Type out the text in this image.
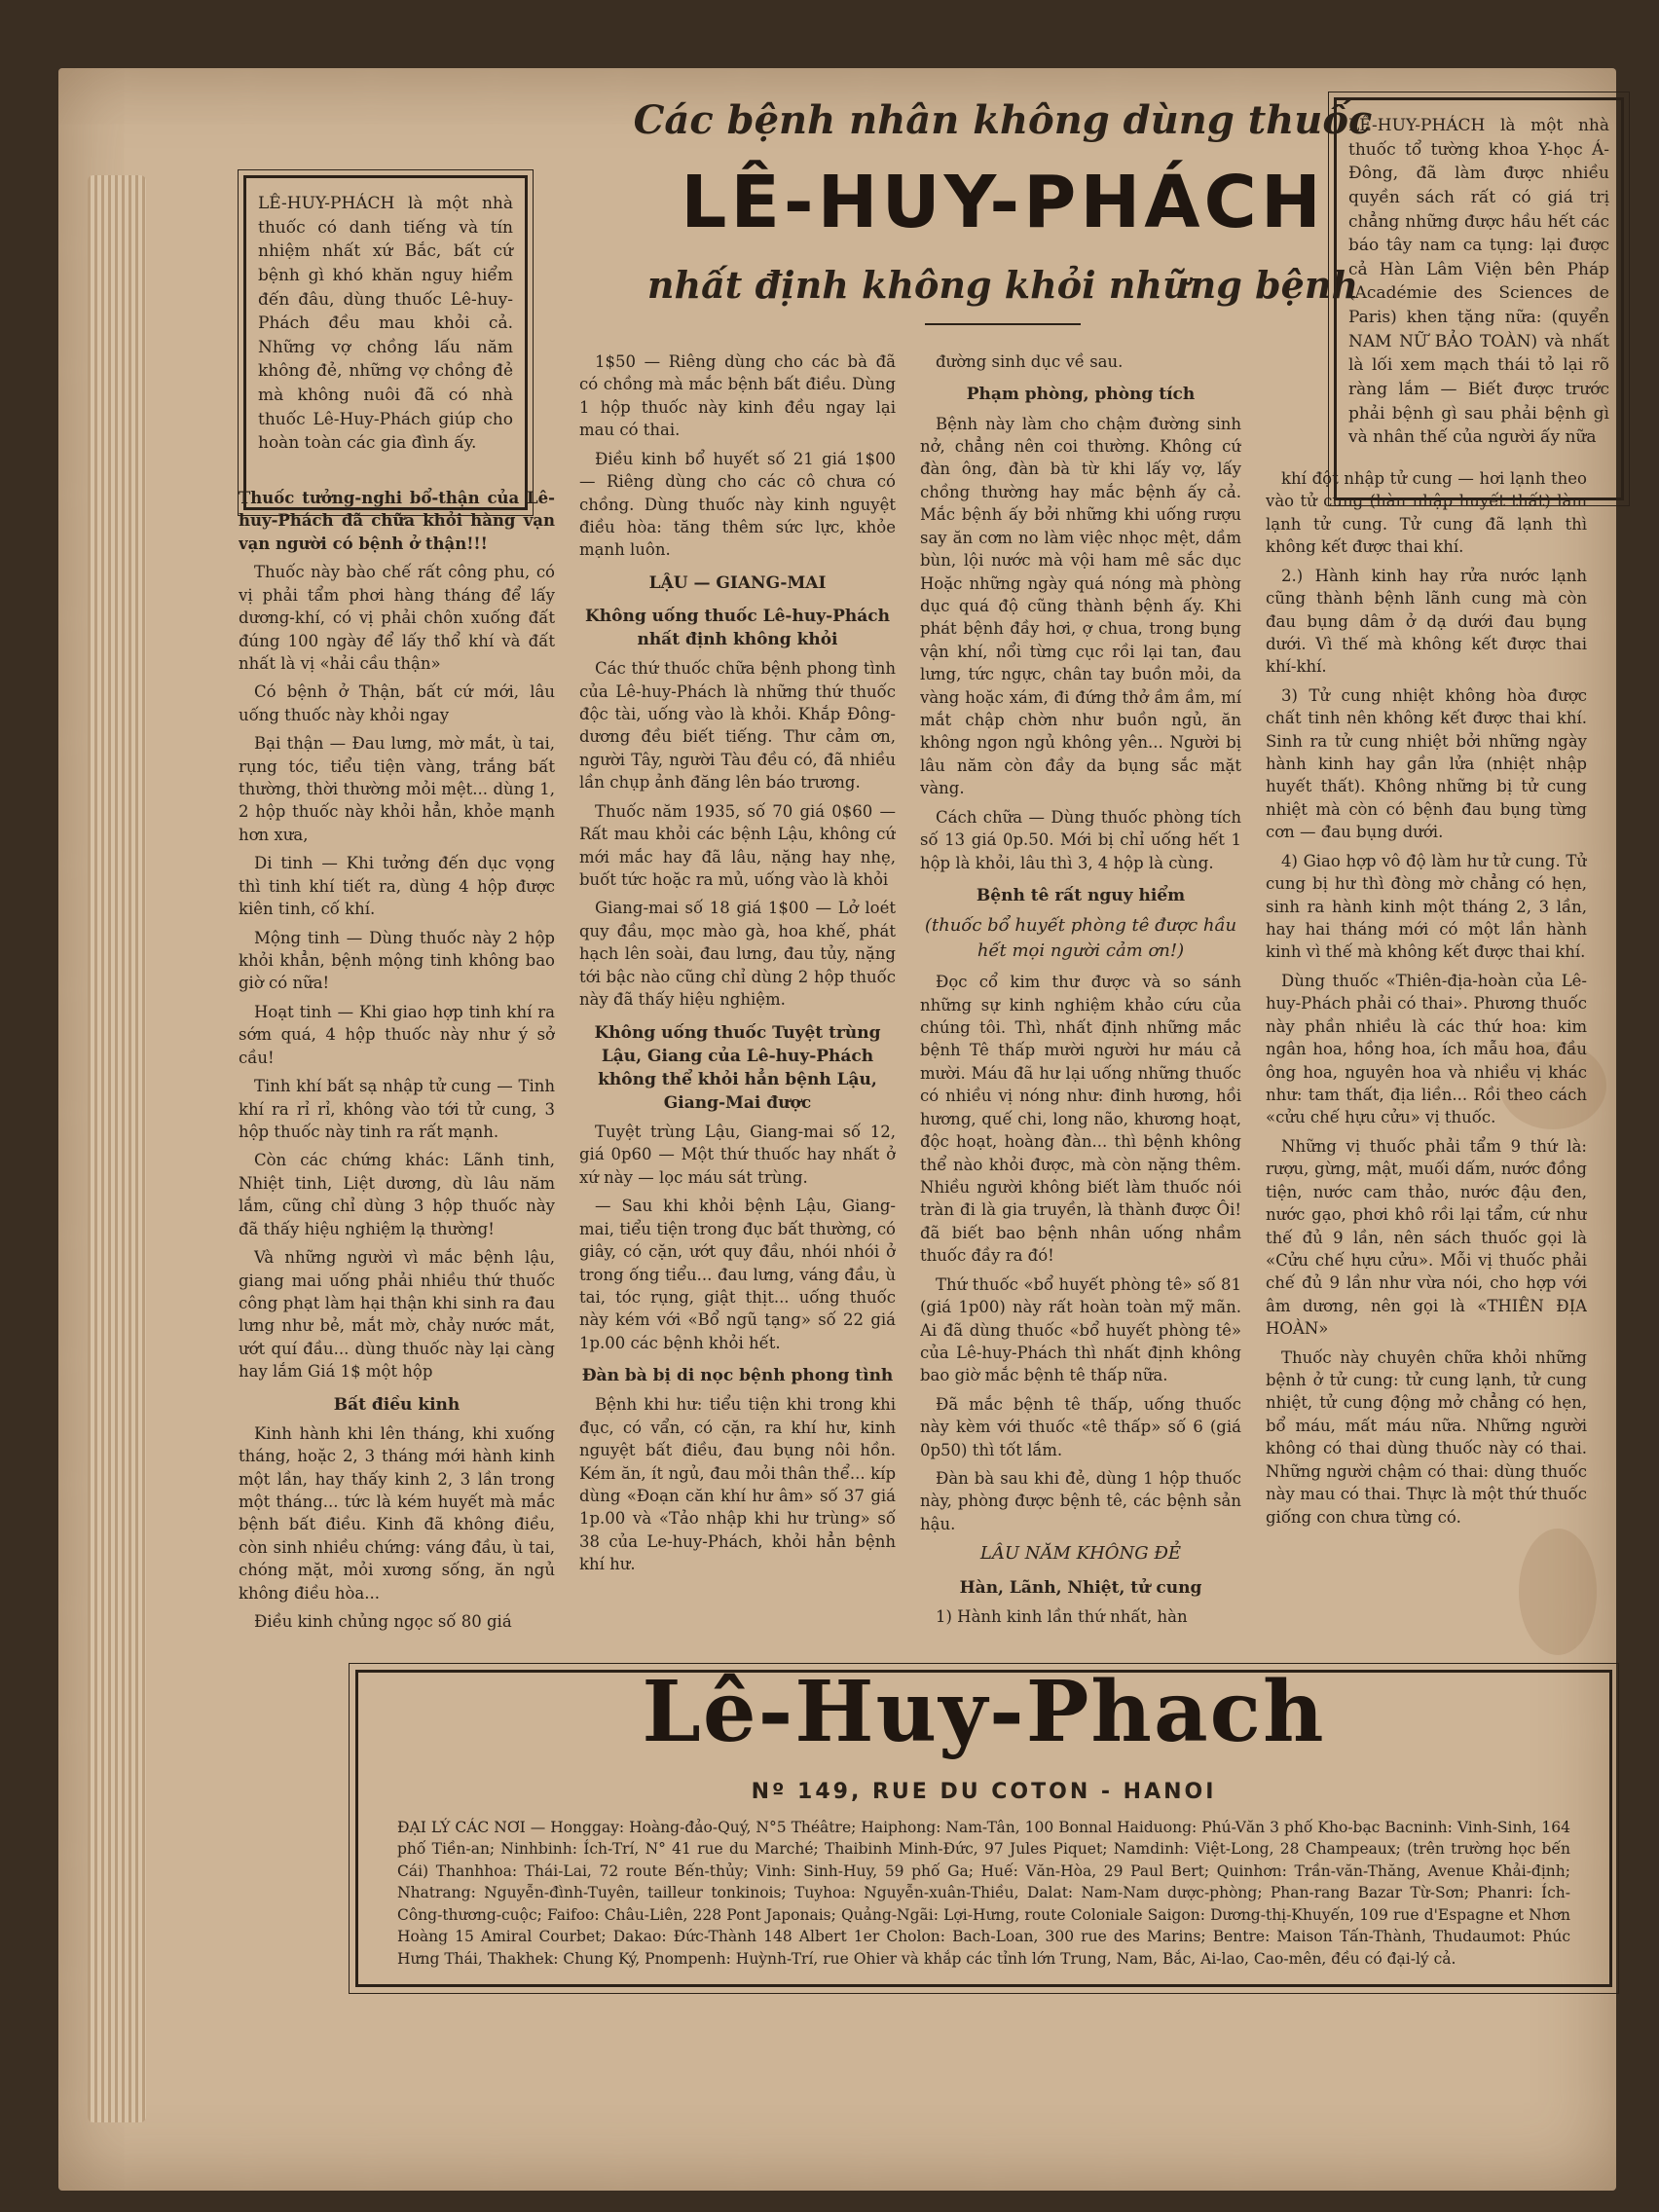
LÊ-HUY-PHÁCH là một nhà thuốc có danh tiếng và tín nhiệm nhất xứ Bắc, bất cứ bệnh gì khó khăn nguy hiểm đến đâu, dùng thuốc Lê-huy-Phách đều mau khỏi cả. Những vợ chồng lấu năm không đẻ, những vợ chồng đẻ mà không nuôi đã có nhà thuốc Lê-Huy-Phách giúp cho hoàn toàn các gia đình ấy.
LÊ-HUY-PHÁCH là một nhà thuốc tổ tường khoa Y-học Á-Đông, đã làm được nhiều quyền sách rất có giá trị chẳng những được hầu hết các báo tây nam ca tụng: lại được cả Hàn Lâm Viện bên Pháp (Académie des Sciences de Paris) khen tặng nữa: (quyển NAM NỮ BẢO TOÀN) và nhất là lối xem mạch thái tỏ lại rõ ràng lắm — Biết được trước phải bệnh gì sau phải bệnh gì và nhân thế của người ấy nữa
Các bệnh nhân không dùng thuốc
LÊ-HUY-PHÁCH
nhất định không khỏi những bệnh

Thuốc tưởng-nghi bổ-thận của Lê-huy-Phách đã chữa khỏi hàng vạn vạn người có bệnh ở thận!!!

Thuốc này bào chế rất công phu, có vị phải tẩm phơi hàng tháng để lấy dương-khí, có vị phải chôn xuống đất đúng 100 ngày để lấy thổ khí và đất nhất là vị «hải cầu thận»

Có bệnh ở Thận, bất cứ mới, lâu uống thuốc này khỏi ngay

Bại thận — Đau lưng, mờ mắt, ù tai, rụng tóc, tiểu tiện vàng, trắng bất thường, thời thường mỏi mệt... dùng 1, 2 hộp thuốc này khỏi hẳn, khỏe mạnh hơn xưa,

Di tinh — Khi tưởng đến dục vọng thì tinh khí tiết ra, dùng 4 hộp được kiên tinh, cố khí.

Mộng tinh — Dùng thuốc này 2 hộp khỏi khẳn, bệnh mộng tinh không bao giờ có nữa!

Hoạt tinh — Khi giao hợp tinh khí ra sớm quá, 4 hộp thuốc này như ý sở cầu!

Tinh khí bất sạ nhập tử cung — Tinh khí ra rỉ rỉ, không vào tới tử cung, 3 hộp thuốc này tinh ra rất mạnh.

Còn các chứng khác: Lãnh tinh, Nhiệt tinh, Liệt dương, dù lâu năm lắm, cũng chỉ dùng 3 hộp thuốc này đã thấy hiệu nghiệm lạ thường!

Và những người vì mắc bệnh lậu, giang mai uống phải nhiều thứ thuốc công phạt làm hại thận khi sinh ra đau lưng như bẻ, mắt mờ, chảy nước mắt, ướt quí đầu... dùng thuốc này lại càng hay lắm Giá 1$ một hộp

Bất điều kinh

Kinh hành khi lên tháng, khi xuống tháng, hoặc 2, 3 tháng mới hành kinh một lần, hay thấy kinh 2, 3 lần trong một tháng... tức là kém huyết mà mắc bệnh bất điều. Kinh đã không điều, còn sinh nhiều chứng: váng đầu, ù tai, chóng mặt, mỏi xương sống, ăn ngủ không điều hòa...

Điều kinh chủng ngọc số 80 giá

1$50 — Riêng dùng cho các bà đã có chồng mà mắc bệnh bất điều. Dùng 1 hộp thuốc này kinh đều ngay lại mau có thai.

Điều kinh bổ huyết số 21 giá 1$00 — Riêng dùng cho các cô chưa có chồng. Dùng thuốc này kinh nguyệt điều hòa: tăng thêm sức lực, khỏe mạnh luôn.

LẬU — GIANG-MAI
Không uống thuốc Lê-huy-Phách nhất định không khỏi

Các thứ thuốc chữa bệnh phong tình của Lê-huy-Phách là những thứ thuốc độc tài, uống vào là khỏi. Khắp Đông-dương đều biết tiếng. Thư cảm ơn, người Tây, người Tàu đều có, đã nhiều lần chụp ảnh đăng lên báo trương.

Thuốc năm 1935, số 70 giá 0$60 — Rất mau khỏi các bệnh Lậu, không cứ mới mắc hay đã lâu, nặng hay nhẹ, buốt tức hoặc ra mủ, uống vào là khỏi

Giang-mai số 18 giá 1$00 — Lở loét quy đầu, mọc mào gà, hoa khế, phát hạch lên soài, đau lưng, đau tủy, nặng tới bậc nào cũng chỉ dùng 2 hộp thuốc này đã thấy hiệu nghiệm.

Không uống thuốc Tuyệt trùng Lậu, Giang của Lê-huy-Phách không thể khỏi hẳn bệnh Lậu, Giang-Mai được

Tuyệt trùng Lậu, Giang-mai số 12, giá 0p60 — Một thứ thuốc hay nhất ở xứ này — lọc máu sát trùng.

— Sau khi khỏi bệnh Lậu, Giang-mai, tiểu tiện trong đục bất thường, có giây, có cặn, ướt quy đầu, nhói nhói ở trong ống tiểu... đau lưng, váng đầu, ù tai, tóc rụng, giật thịt... uống thuốc này kém với «Bổ ngũ tạng» số 22 giá 1p.00 các bệnh khỏi hết.

Đàn bà bị di nọc bệnh phong tình

Bệnh khi hư: tiểu tiện khi trong khi đục, có vẩn, có cặn, ra khí hư, kinh nguyệt bất điều, đau bụng nôi hồn. Kém ăn, ít ngủ, đau mỏi thân thể... kíp dùng «Đoạn căn khí hư âm» số 37 giá 1p.00 và «Tảo nhập khi hư trùng» số 38 của Le-huy-Phách, khỏi hẳn bệnh khí hư.

đường sinh dục về sau.

Phạm phòng, phòng tích

Bệnh này làm cho chậm đường sinh nở, chẳng nên coi thường. Không cứ đàn ông, đàn bà từ khi lấy vợ, lấy chồng thường hay mắc bệnh ấy cả. Mắc bệnh ấy bởi những khi uống rượu say ăn cơm no làm việc nhọc mệt, dầm bùn, lội nước mà vội ham mê sắc dục Hoặc những ngày quá nóng mà phòng dục quá độ cũng thành bệnh ấy. Khi phát bệnh đầy hơi, ợ chua, trong bụng vận khí, nổi từng cục rồi lại tan, đau lưng, tức ngực, chân tay buồn mỏi, da vàng hoặc xám, đi đứng thở ầm ầm, mí mắt chập chờn như buồn ngủ, ăn không ngon ngủ không yên... Người bị lâu năm còn đầy da bụng sắc mặt vàng.

Cách chữa — Dùng thuốc phòng tích số 13 giá 0p.50. Mới bị chỉ uống hết 1 hộp là khỏi, lâu thì 3, 4 hộp là cùng.

Bệnh tê rất nguy hiểm
(thuốc bổ huyết phòng tê được hầu hết mọi người cảm ơn!)

Đọc cổ kim thư được và so sánh những sự kinh nghiệm khảo cứu của chúng tôi. Thì, nhất định những mắc bệnh Tê thấp mười người hư máu cả mười. Máu đã hư lại uống những thuốc có nhiều vị nóng như: đinh hương, hồi hương, quế chi, long não, khương hoạt, độc hoạt, hoàng đàn... thì bệnh không thể nào khỏi được, mà còn nặng thêm. Nhiều người không biết làm thuốc nói tràn đi là gia truyền, là thành được Ôi! đã biết bao bệnh nhân uống nhầm thuốc đầy ra đó!

Thứ thuốc «bổ huyết phòng tê» số 81 (giá 1p00) này rất hoàn toàn mỹ mãn. Ai đã dùng thuốc «bổ huyết phòng tê» của Lê-huy-Phách thì nhất định không bao giờ mắc bệnh tê thấp nữa.

Đã mắc bệnh tê thấp, uống thuốc này kèm với thuốc «tê thấp» số 6 (giá 0p50) thì tốt lắm.

Đàn bà sau khi đẻ, dùng 1 hộp thuốc này, phòng được bệnh tê, các bệnh sản hậu.

LÂU NĂM KHÔNG ĐẺ
Hàn, Lãnh, Nhiệt, tử cung

1) Hành kinh lần thứ nhất, hàn

khí đột nhập tử cung — hơi lạnh theo vào tử cung (hàn nhập huyết thất) làm lạnh tử cung. Tử cung đã lạnh thì không kết được thai khí.

2.) Hành kinh hay rửa nước lạnh cũng thành bệnh lãnh cung mà còn đau bụng dâm ở dạ dưới đau bụng dưới. Vì thế mà không kết được thai khí-khí.

3) Tử cung nhiệt không hòa được chất tinh nên không kết được thai khí. Sinh ra tử cung nhiệt bởi những ngày hành kinh hay gần lửa (nhiệt nhập huyết thất). Không những bị tử cung nhiệt mà còn có bệnh đau bụng từng cơn — đau bụng dưới.

4) Giao hợp vô độ làm hư tử cung. Tử cung bị hư thì đòng mờ chẳng có hẹn, sinh ra hành kinh một tháng 2, 3 lần, hay hai tháng mới có một lần hành kinh vì thế mà không kết được thai khí.

Dùng thuốc «Thiên-địa-hoàn của Lê-huy-Phách phải có thai». Phương thuốc này phần nhiều là các thứ hoa: kim ngân hoa, hồng hoa, ích mẫu hoa, đầu ông hoa, nguyên hoa và nhiều vị khác như: tam thất, địa liền... Rồi theo cách «cửu chế hựu cửu» vị thuốc.

Những vị thuốc phải tẩm 9 thứ là: rượu, gừng, mật, muối dấm, nước đồng tiện, nước cam thảo, nước đậu đen, nước gạo, phơi khô rồi lại tẩm, cứ như thế đủ 9 lần, nên sách thuốc gọi là «Cửu chế hựu cửu». Mỗi vị thuốc phải chế đủ 9 lần như vừa nói, cho hợp với âm dương, nên gọi là «THIÊN ĐỊA HOÀN»

Thuốc này chuyên chữa khỏi những bệnh ở tử cung: tử cung lạnh, tử cung nhiệt, tử cung động mở chẳng có hẹn, bổ máu, mất máu nữa. Những người không có thai dùng thuốc này có thai. Những người chậm có thai: dùng thuốc này mau có thai. Thực là một thứ thuốc giống con chưa từng có.

Lê-Huy-Phach
Nº 149, RUE DU COTON - HANOI
ĐẠI LÝ CÁC NƠI — Honggay: Hoàng-đảo-Quý, N°5 Théâtre; Haiphong: Nam-Tân, 100 Bonnal Haiduong: Phú-Văn 3 phố Kho-bạc Bacninh: Vinh-Sinh, 164 phố Tiền-an; Ninhbinh: Ích-Trí, N° 41 rue du Marché; Thaibinh Minh-Đức, 97 Jules Piquet; Namdinh: Việt-Long, 28 Champeaux; (trên trường học bến Cái) Thanhhoa: Thái-Lai, 72 route Bến-thủy; Vinh: Sinh-Huy, 59 phố Ga; Huế: Văn-Hòa, 29 Paul Bert; Quinhơn: Trần-văn-Thăng, Avenue Khải-định; Nhatrang: Nguyễn-đình-Tuyên, tailleur tonkinois; Tuyhoa: Nguyễn-xuân-Thiều, Dalat: Nam-Nam dược-phòng; Phan-rang Bazar Từ-Sơn; Phanri: Ích-Công-thương-cuộc; Faifoo: Châu-Liên, 228 Pont Japonais; Quảng-Ngãi: Lợi-Hưng, route Coloniale Saigon: Dương-thị-Khuyến, 109 rue d'Espagne et Nhơn Hoàng 15 Amiral Courbet; Dakao: Đức-Thành 148 Albert 1er Cholon: Bach-Loan, 300 rue des Marins; Bentre: Maison Tấn-Thành, Thudaumot: Phúc Hưng Thái, Thakhek: Chung Ký, Pnompenh: Huỳnh-Trí, rue Ohier và khắp các tỉnh lớn Trung, Nam, Bắc, Ai-lao, Cao-mên, đều có đại-lý cả.
